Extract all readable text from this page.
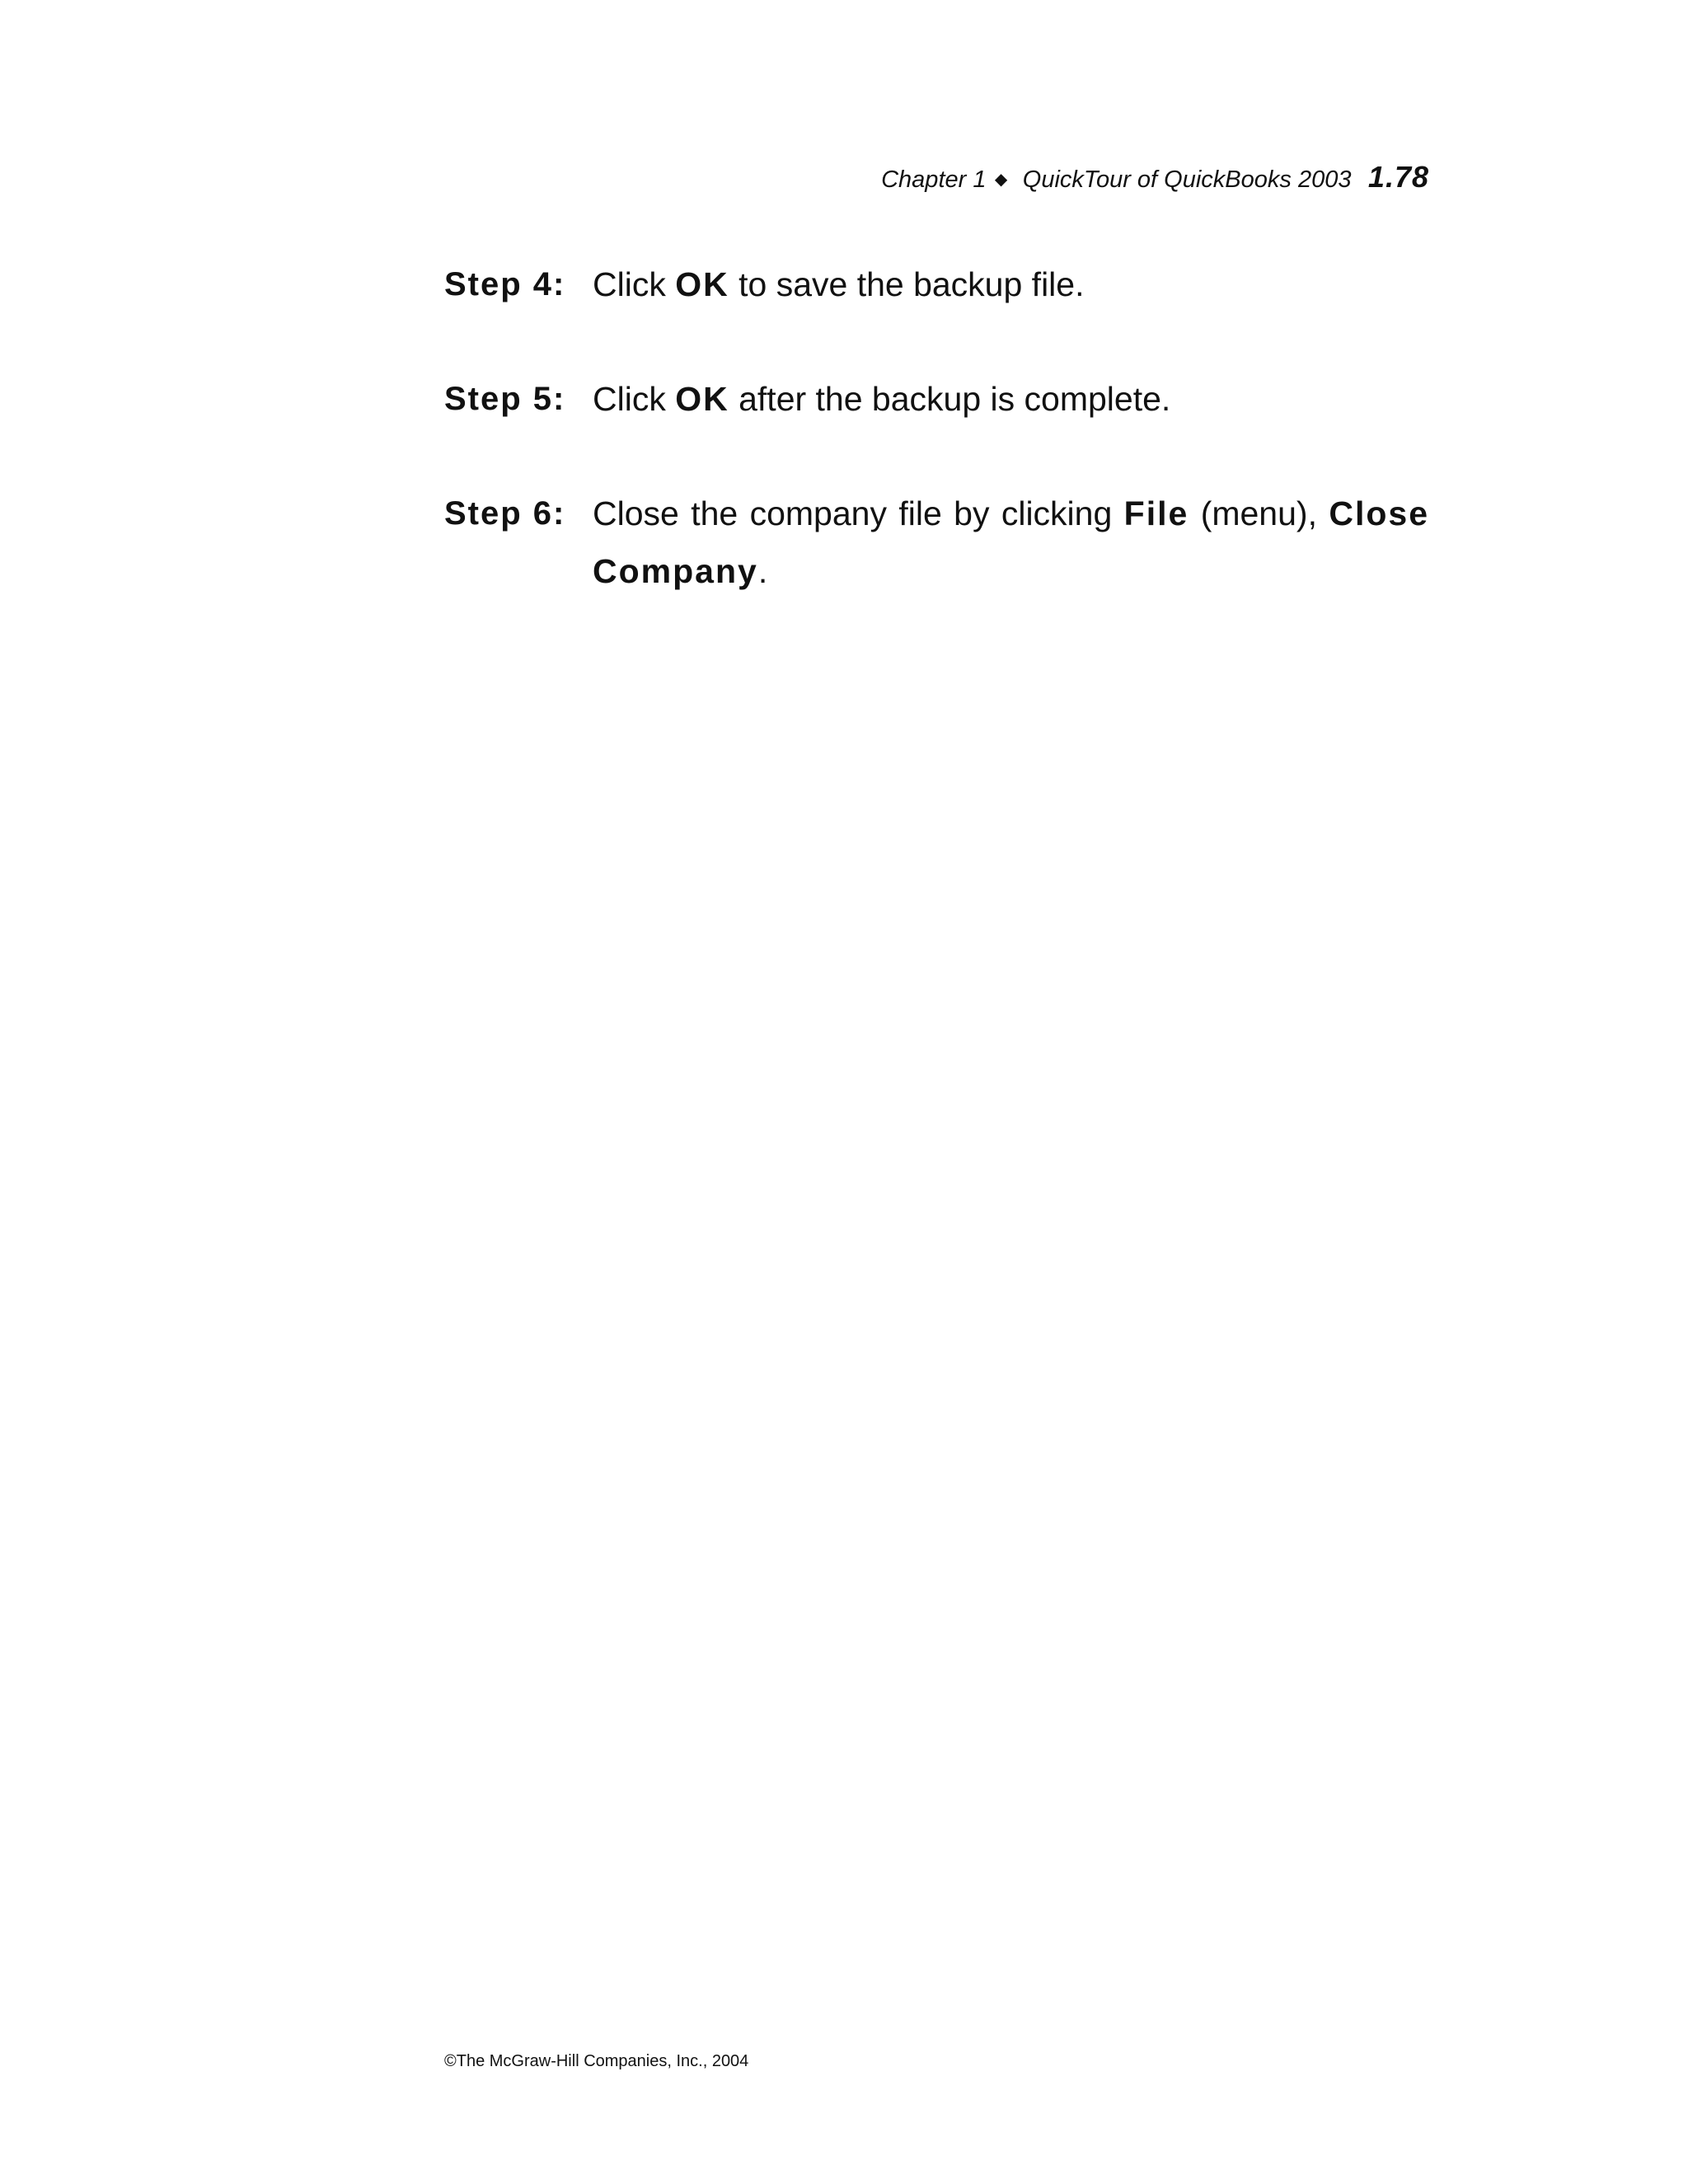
Chapter 1 ◆ QuickTour of QuickBooks 2003 1.78
Step 4: Click OK to save the backup file.
Step 5: Click OK after the backup is complete.
Step 6: Close the company file by clicking File (menu), Close Company.
©The McGraw-Hill Companies, Inc., 2004
